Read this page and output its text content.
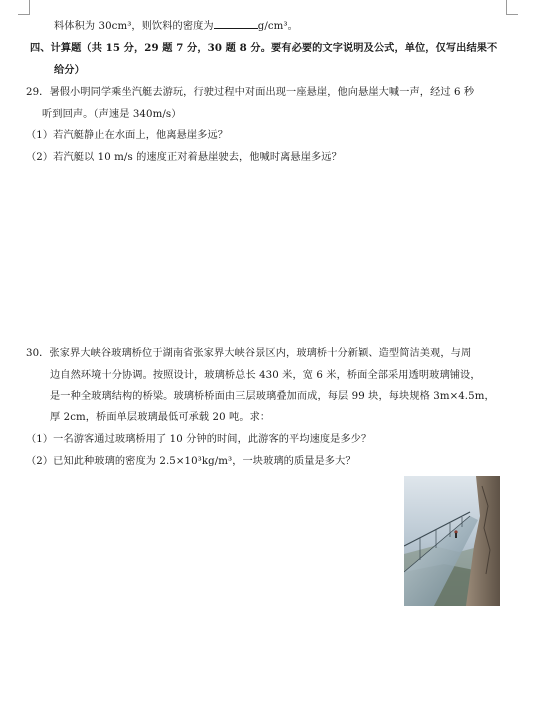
料体积为 30cm³，则饮料的密度为	g/cm³。
四、计算题（共 15 分，29 题 7 分，30 题 8 分。要有必要的文字说明及公式，单位，仅写出结果不
给分）
29．暑假小明同学乘坐汽艇去游玩，行驶过程中对面出现一座悬崖，他向悬崖大喊一声，经过 6 秒
听到回声。（声速是 340m/s）
（1）若汽艇静止在水面上，他离悬崖多远？
（2）若汽艇以 10 m/s 的速度正对着悬崖驶去，他喊时离悬崖多远？
30．张家界大峡谷玻璃桥位于湖南省张家界大峡谷景区内，玻璃桥十分新颖、造型简洁美观，与周
边自然环境十分协调。按照设计，玻璃桥总长 430 米，宽 6 米，桥面全部采用透明玻璃铺设，
是一种全玻璃结构的桥梁。玻璃桥桥面由三层玻璃叠加而成，每层 99 块，每块规格 3m×4.5m，
厚 2cm，桥面单层玻璃最低可承载 20 吨。求：
（1）一名游客通过玻璃桥用了 10 分钟的时间，此游客的平均速度是多少？
（2）已知此种玻璃的密度为 2.5×10³kg/m³，一块玻璃的质量是多大？
